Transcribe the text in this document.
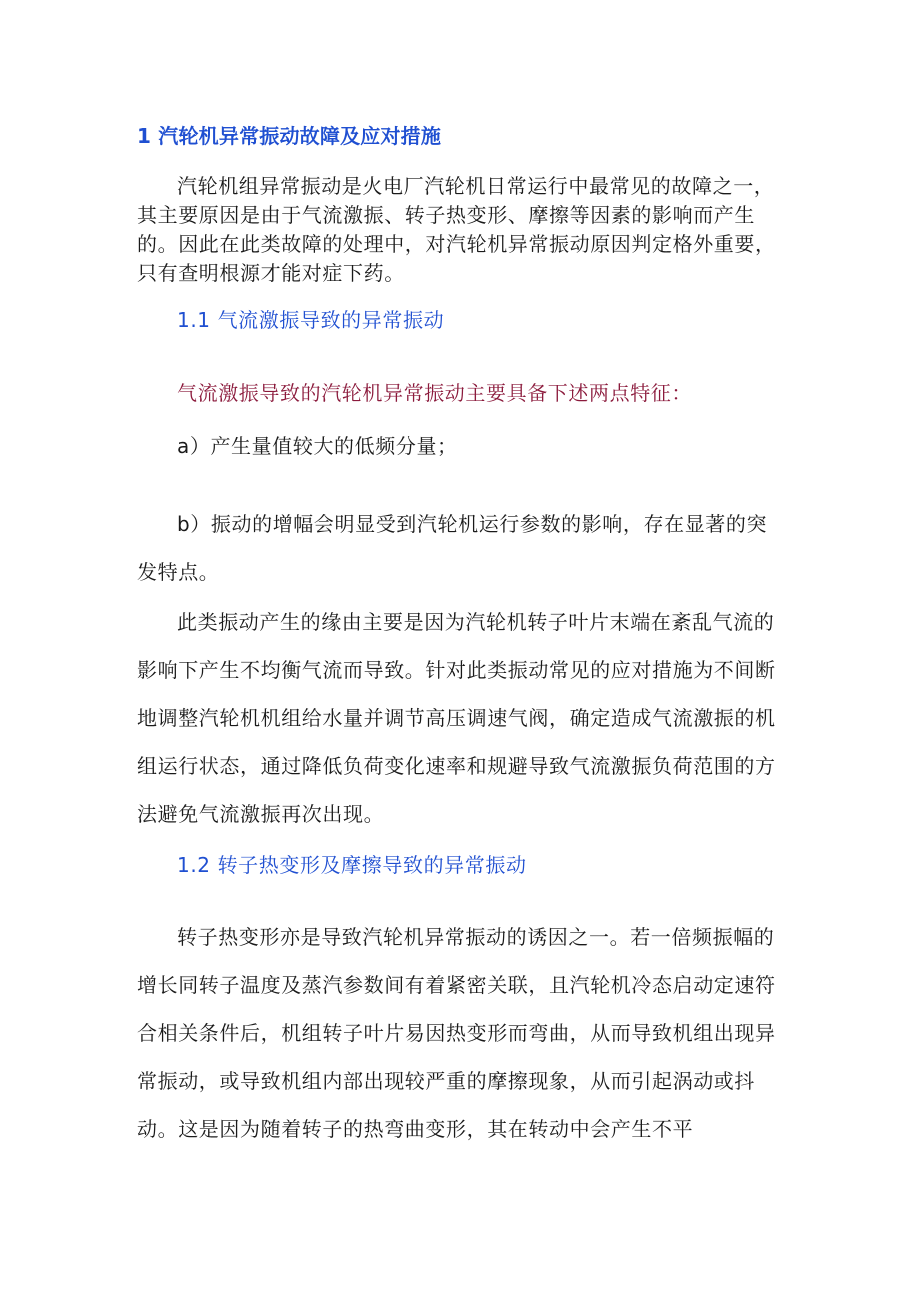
1 汽轮机异常振动故障及应对措施

汽轮机组异常振动是火电厂汽轮机日常运行中最常见的故障之一，其主要原因是由于气流激振、转子热变形、摩擦等因素的影响而产生的。因此在此类故障的处理中，对汽轮机异常振动原因判定格外重要，只有查明根源才能对症下药。

1.1 气流激振导致的异常振动

气流激振导致的汽轮机异常振动主要具备下述两点特征：

a）产生量值较大的低频分量；

b）振动的增幅会明显受到汽轮机运行参数的影响，存在显著的突发特点。

此类振动产生的缘由主要是因为汽轮机转子叶片末端在紊乱气流的影响下产生不均衡气流而导致。针对此类振动常见的应对措施为不间断地调整汽轮机机组给水量并调节高压调速气阀，确定造成气流激振的机组运行状态，通过降低负荷变化速率和规避导致气流激振负荷范围的方法避免气流激振再次出现。

1.2 转子热变形及摩擦导致的异常振动

转子热变形亦是导致汽轮机异常振动的诱因之一。若一倍频振幅的增长同转子温度及蒸汽参数间有着紧密关联，且汽轮机冷态启动定速符合相关条件后，机组转子叶片易因热变形而弯曲，从而导致机组出现异常振动，或导致机组内部出现较严重的摩擦现象，从而引起涡动或抖动。这是因为随着转子的热弯曲变形，其在转动中会产生不平
